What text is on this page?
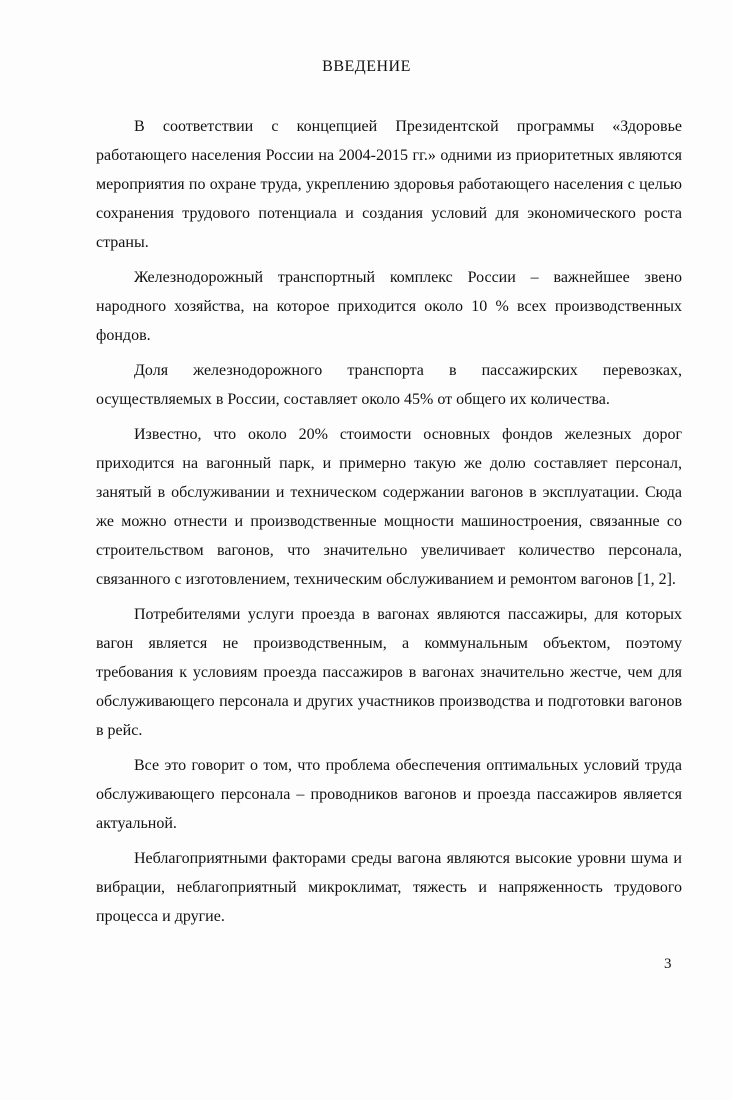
ВВЕДЕНИЕ

В соответствии с концепцией Президентской программы «Здоровье работающего населения России на 2004-2015 гг.» одними из приоритетных являются мероприятия по охране труда, укреплению здоровья работающего населения с целью сохранения трудового потенциала и создания условий для экономического роста страны.

Железнодорожный транспортный комплекс России – важнейшее звено народного хозяйства, на которое приходится около 10 % всех производственных фондов.

Доля железнодорожного транспорта в пассажирских перевозках, осуществляемых в России, составляет около 45% от общего их количества.

Известно, что около 20% стоимости основных фондов железных дорог приходится на вагонный парк, и примерно такую же долю составляет персонал, занятый в обслуживании и техническом содержании вагонов в эксплуатации. Сюда же можно отнести и производственные мощности машиностроения, связанные со строительством вагонов, что значительно увеличивает количество персонала, связанного с изготовлением, техническим обслуживанием и ремонтом вагонов [1, 2].

Потребителями услуги проезда в вагонах являются пассажиры, для которых вагон является не производственным, а коммунальным объектом, поэтому требования к условиям проезда пассажиров в вагонах значительно жестче, чем для обслуживающего персонала и других участников производства и подготовки вагонов в рейс.

Все это говорит о том, что проблема обеспечения оптимальных условий труда обслуживающего персонала – проводников вагонов и проезда пассажиров является актуальной.

Неблагоприятными факторами среды вагона являются высокие уровни шума и вибрации, неблагоприятный микроклимат, тяжесть и напряженность трудового процесса и другие.

3
